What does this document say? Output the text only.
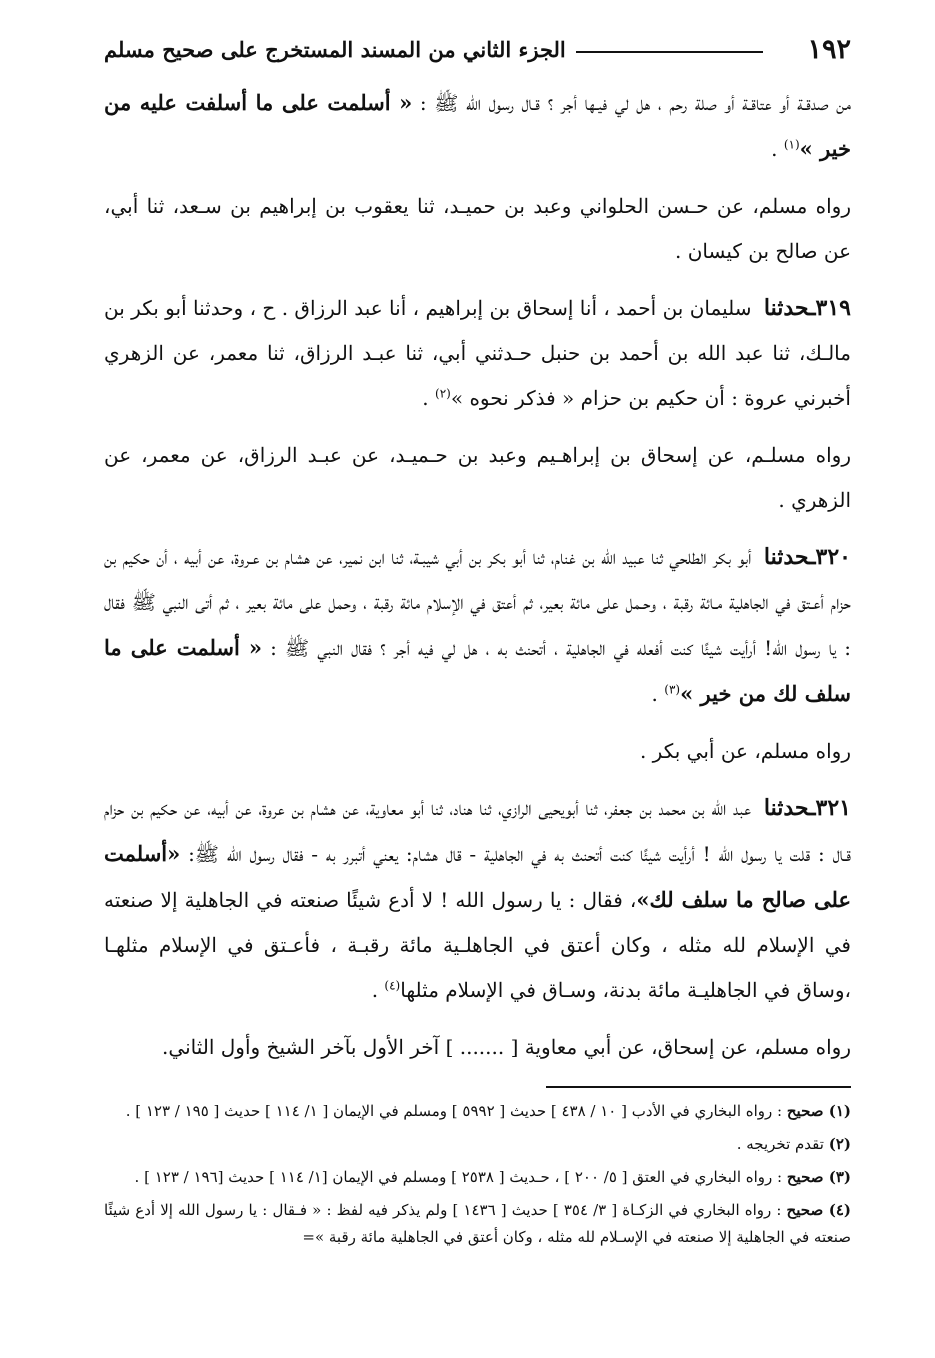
١٩٢
الجزء الثاني من المسند المستخرج على صحيح مسلم

من صدقـة أو عتاقـة أو صلة رحم ، هل لي فيـها أجر ؟ قـال رسول الله ﷺ : « أسلمت على ما أسلفت عليه من خير »$^{(١)}$ .

رواه مسلم، عن حـسن الحلواني وعبد بن حميـد، ثنا يعقوب بن إبراهيم بن سـعد، ثنا أبي، عن صالح بن كيسان .

٣١٩ـحدثنا سليمان بن أحمد ، أنا إسحاق بن إبراهيم ، أنا عبد الرزاق . ح ، وحدثنا أبو بكر بن مالـك، ثنا عبد الله بن أحمد بن حنبل حـدثني أبي، ثنا عبـد الرزاق، ثنا معمر، عن الزهري أخبرني عروة : أن حكيم بن حزام « فذكر نحوه »$^{(٢)}$ .

رواه مسلـم، عن إسحاق بن إبراهـيم وعبد بن حـميـد، عن عبـد الرزاق، عن معمر، عن الزهري .

٣٢٠ـحدثنا أبو بكر الطلحي ثنا عبيد الله بن غنام، ثنا أبو بكر بن أبي شيبـة، ثنا ابن نمير، عن هشام بن عـروة، عن أبيه ، أن حكيم بن حزام أعـتق في الجاهلية مـائة رقبة ، وحـمل على مائة بعير، ثم أعتق في الإسلام مائة رقبة ، وحمل على مائة بعير ، ثم أتى النبي ﷺ فقال : يا رسول الله! أرأيت شيئًا كنت أفعله في الجاهلية ، أتحنث به ، هل لي فيه أجر ؟ فقال النبي ﷺ : « أسلمت على ما سلف لك من خير »$^{(٣)}$ .

رواه مسلم، عن أبي بكر .

٣٢١ـحدثنا عبد الله بن محمد بن جعفر، ثنا أبويحيى الرازي، ثنا هناد، ثنا أبو معاوية، عن هشام بن عروة، عن أبيه، عن حكيم بن حزام قـال : قلت يا رسول الله ! أرأيت شيئًا كنت أتحنث به في الجاهلية - قال هشام: يعني أتبرر به - فقال رسول الله ﷺ: «أسلمت على صالح ما سلف لك»، فقال : يا رسول الله ! لا أدع شيئًا صنعته في الجاهلية إلا صنعته في الإسلام لله مثله ، وكان أعتق في الجاهلـية مائة رقبـة ، فأعـتق في الإسلام مثلهـا ،وساق في الجاهليـة مائة بدنة، وسـاق في الإسلام مثلها$^{(٤)}$ .

رواه مسلم، عن إسحاق، عن أبي معاوية [ ....... ] آخر الأول بآخر الشيخ وأول الثاني.

(١) صحيح : رواه البخاري في الأدب [ ١٠ / ٤٣٨ ] حديث [ ٥٩٩٢ ] ومسلم في الإيمان [ ١/ ١١٤ ] حديث [ ١٩٥ / ١٢٣ ] .

(٢) تقدم تخريجه .

(٣) صحيح : رواه البخاري في العتق [ ٥/ ٢٠٠ ] ، حـديث [ ٢٥٣٨ ] ومسلم في الإيمان [١/ ١١٤ ] حديث [١٩٦ / ١٢٣ ] .

(٤) صحيح : رواه البخاري في الزكـاة [ ٣/ ٣٥٤ ] حديث [ ١٤٣٦ ] ولم يذكر فيه لفظ : « فـقال : يا رسول الله إلا أدع شيئًا صنعته في الجاهلية إلا صنعته في الإسـلام لله مثله ، وكان أعتق في الجاهلية مائة رقبة »=
